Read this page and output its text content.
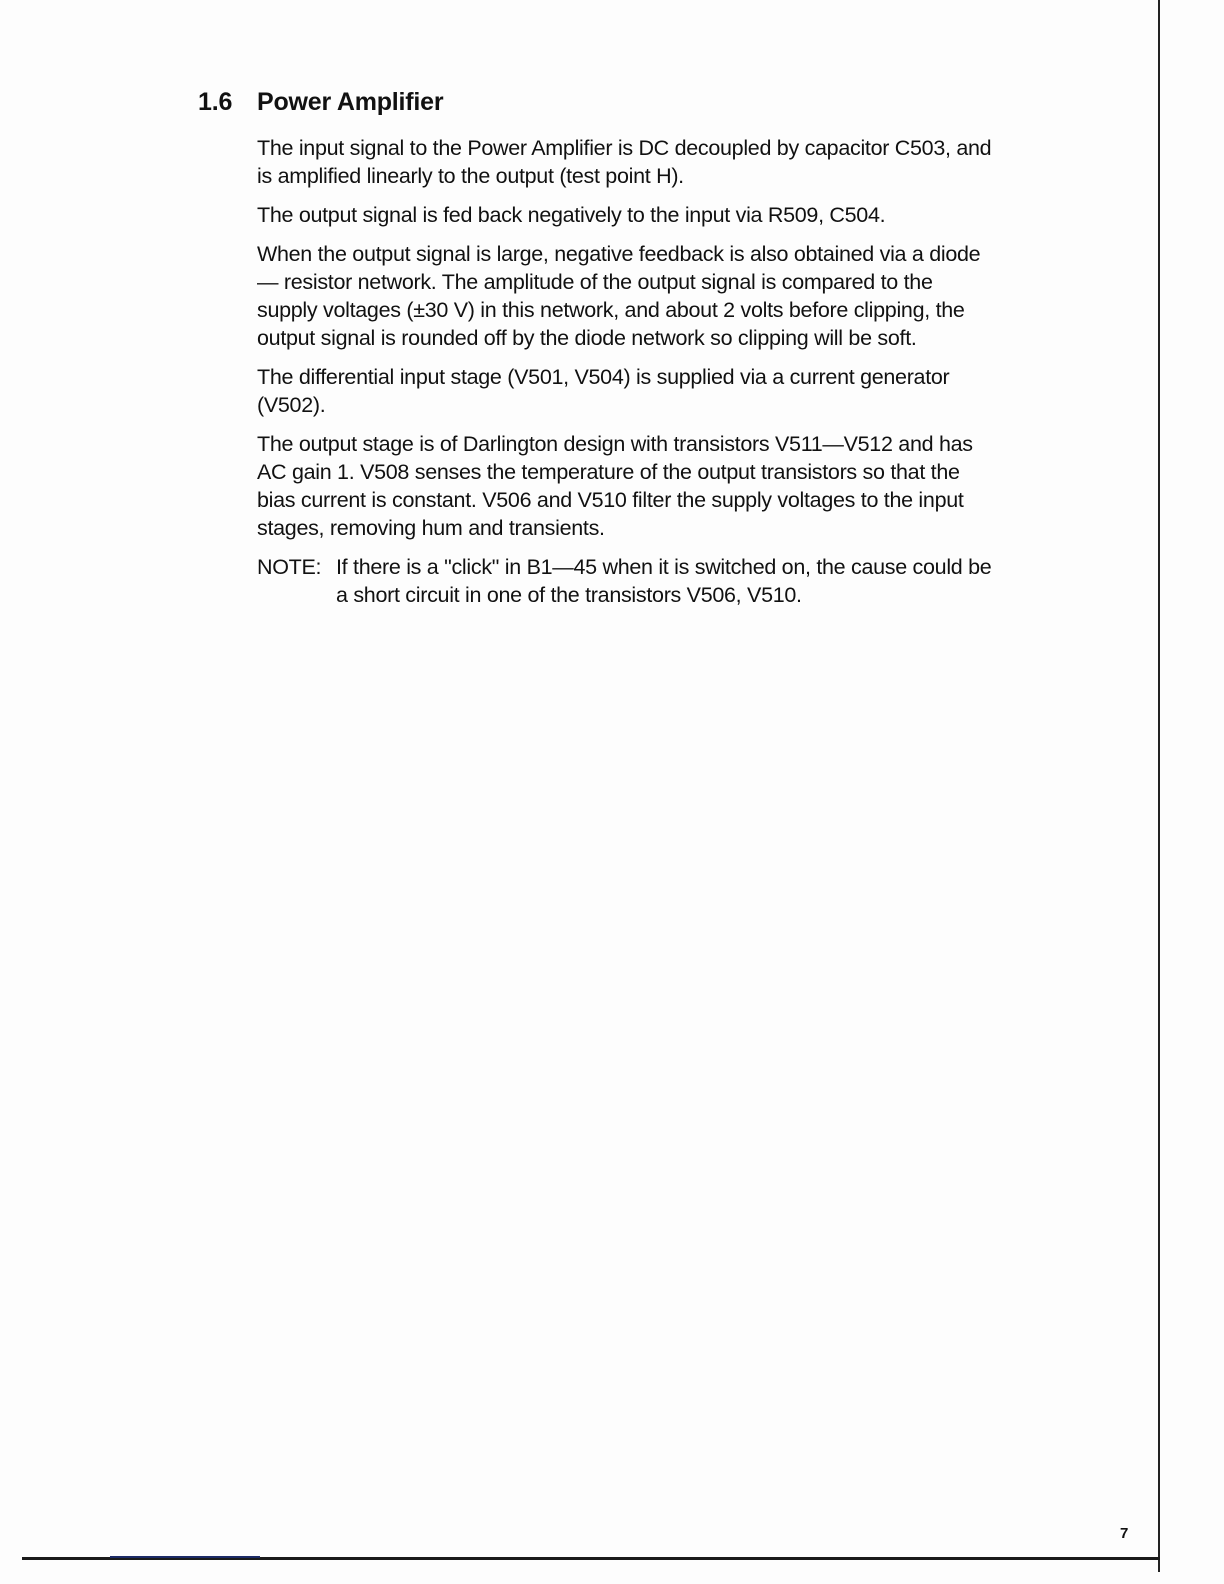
1.6 Power Amplifier

The input signal to the Power Amplifier is DC decoupled by capacitor C503, and is amplified linearly to the output (test point H).

The output signal is fed back negatively to the input via R509, C504.

When the output signal is large, negative feedback is also obtained via a diode — resistor network. The amplitude of the output signal is compared to the supply voltages (±30 V) in this network, and about 2 volts before clipping, the output signal is rounded off by the diode network so clipping will be soft.

The differential input stage (V501, V504) is supplied via a current generator (V502).

The output stage is of Darlington design with transistors V511—V512 and has AC gain 1. V508 senses the temperature of the output transistors so that the bias current is constant. V506 and V510 filter the supply voltages to the input stages, removing hum and transients.

NOTE: If there is a "click" in B1—45 when it is switched on, the cause could be a short circuit in one of the transistors V506, V510.
7
